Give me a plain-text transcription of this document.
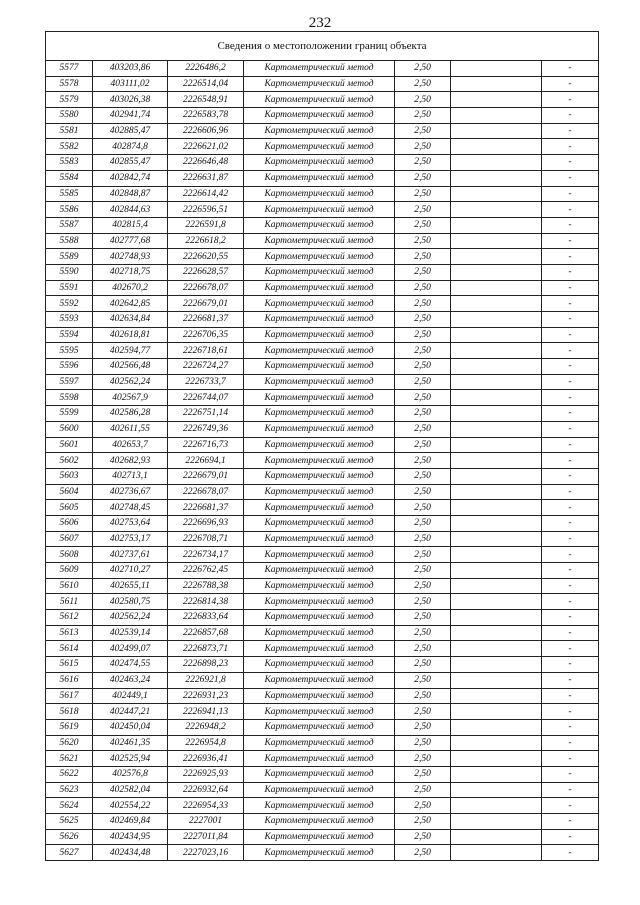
232
Сведения о местоположении границ объекта						
5577	403203,86	2226486,2	Картометрический метод	2,50		-
5578	403111,02	2226514,04	Картометрический метод	2,50		-
5579	403026,38	2226548,91	Картометрический метод	2,50		-
5580	402941,74	2226583,78	Картометрический метод	2,50		-
5581	402885,47	2226606,96	Картометрический метод	2,50		-
5582	402874,8	2226621,02	Картометрический метод	2,50		-
5583	402855,47	2226646,48	Картометрический метод	2,50		-
5584	402842,74	2226631,87	Картометрический метод	2,50		-
5585	402848,87	2226614,42	Картометрический метод	2,50		-
5586	402844,63	2226596,51	Картометрический метод	2,50		-
5587	402815,4	2226591,8	Картометрический метод	2,50		-
5588	402777,68	2226618,2	Картометрический метод	2,50		-
5589	402748,93	2226620,55	Картометрический метод	2,50		-
5590	402718,75	2226628,57	Картометрический метод	2,50		-
5591	402670,2	2226678,07	Картометрический метод	2,50		-
5592	402642,85	2226679,01	Картометрический метод	2,50		-
5593	402634,84	2226681,37	Картометрический метод	2,50		-
5594	402618,81	2226706,35	Картометрический метод	2,50		-
5595	402594,77	2226718,61	Картометрический метод	2,50		-
5596	402566,48	2226724,27	Картометрический метод	2,50		-
5597	402562,24	2226733,7	Картометрический метод	2,50		-
5598	402567,9	2226744,07	Картометрический метод	2,50		-
5599	402586,28	2226751,14	Картометрический метод	2,50		-
5600	402611,55	2226749,36	Картометрический метод	2,50		-
5601	402653,7	2226716,73	Картометрический метод	2,50		-
5602	402682,93	2226694,1	Картометрический метод	2,50		-
5603	402713,1	2226679,01	Картометрический метод	2,50		-
5604	402736,67	2226678,07	Картометрический метод	2,50		-
5605	402748,45	2226681,37	Картометрический метод	2,50		-
5606	402753,64	2226696,93	Картометрический метод	2,50		-
5607	402753,17	2226708,71	Картометрический метод	2,50		-
5608	402737,61	2226734,17	Картометрический метод	2,50		-
5609	402710,27	2226762,45	Картометрический метод	2,50		-
5610	402655,11	2226788,38	Картометрический метод	2,50		-
5611	402580,75	2226814,38	Картометрический метод	2,50		-
5612	402562,24	2226833,64	Картометрический метод	2,50		-
5613	402539,14	2226857,68	Картометрический метод	2,50		-
5614	402499,07	2226873,71	Картометрический метод	2,50		-
5615	402474,55	2226898,23	Картометрический метод	2,50		-
5616	402463,24	2226921,8	Картометрический метод	2,50		-
5617	402449,1	2226931,23	Картометрический метод	2,50		-
5618	402447,21	2226941,13	Картометрический метод	2,50		-
5619	402450,04	2226948,2	Картометрический метод	2,50		-
5620	402461,35	2226954,8	Картометрический метод	2,50		-
5621	402525,94	2226936,41	Картометрический метод	2,50		-
5622	402576,8	2226925,93	Картометрический метод	2,50		-
5623	402582,04	2226932,64	Картометрический метод	2,50		-
5624	402554,22	2226954,33	Картометрический метод	2,50		-
5625	402469,84	2227001	Картометрический метод	2,50		-
5626	402434,95	2227011,84	Картометрический метод	2,50		-
5627	402434,48	2227023,16	Картометрический метод	2,50		-
